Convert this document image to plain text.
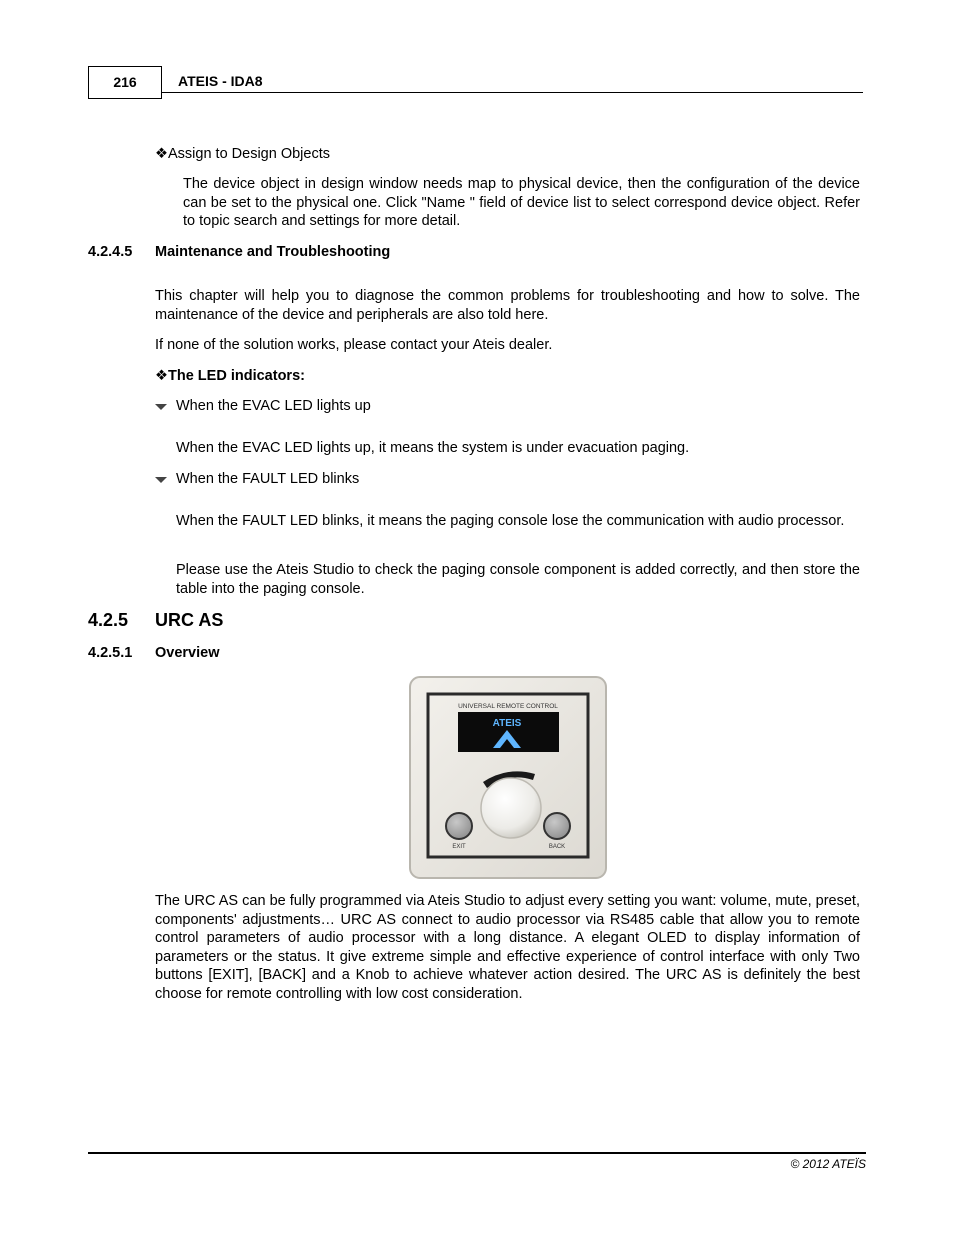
216	ATEIS - IDA8
❖Assign to Design Objects
The device object in design window needs map to physical device, then the configuration of the device can be set to the physical one. Click "Name " field of device list to select correspond device object. Refer to topic search and settings for more detail.
4.2.4.5 Maintenance and Troubleshooting
This chapter will help you to diagnose the common problems for troubleshooting and how to solve. The maintenance of the device and peripherals are also told here.
If none of the solution works, please contact your Ateis dealer.
❖The LED indicators:
When the EVAC LED lights up
When the EVAC LED lights up, it means the system is under evacuation paging.
When the FAULT LED blinks
When the FAULT LED blinks, it means the paging console lose the communication with audio processor.
Please use the Ateis Studio to check the paging console component is added correctly, and then store the table into the paging console.
4.2.5 URC AS
4.2.5.1 Overview
UNIVERSAL REMOTE CONTROL
ATEIS
EXIT	BACK
The URC AS can be fully programmed via Ateis Studio to adjust every setting you want: volume, mute, preset, components' adjustments… URC AS connect to audio processor via RS485 cable that allow you to remote control parameters of audio processor with a long distance. A elegant OLED to display information of parameters or the status. It give extreme simple and effective experience of control interface with only Two buttons [EXIT], [BACK] and a Knob to achieve whatever action desired. The URC AS is definitely the best choose for remote controlling with low cost consideration.
© 2012 ATEÏS
